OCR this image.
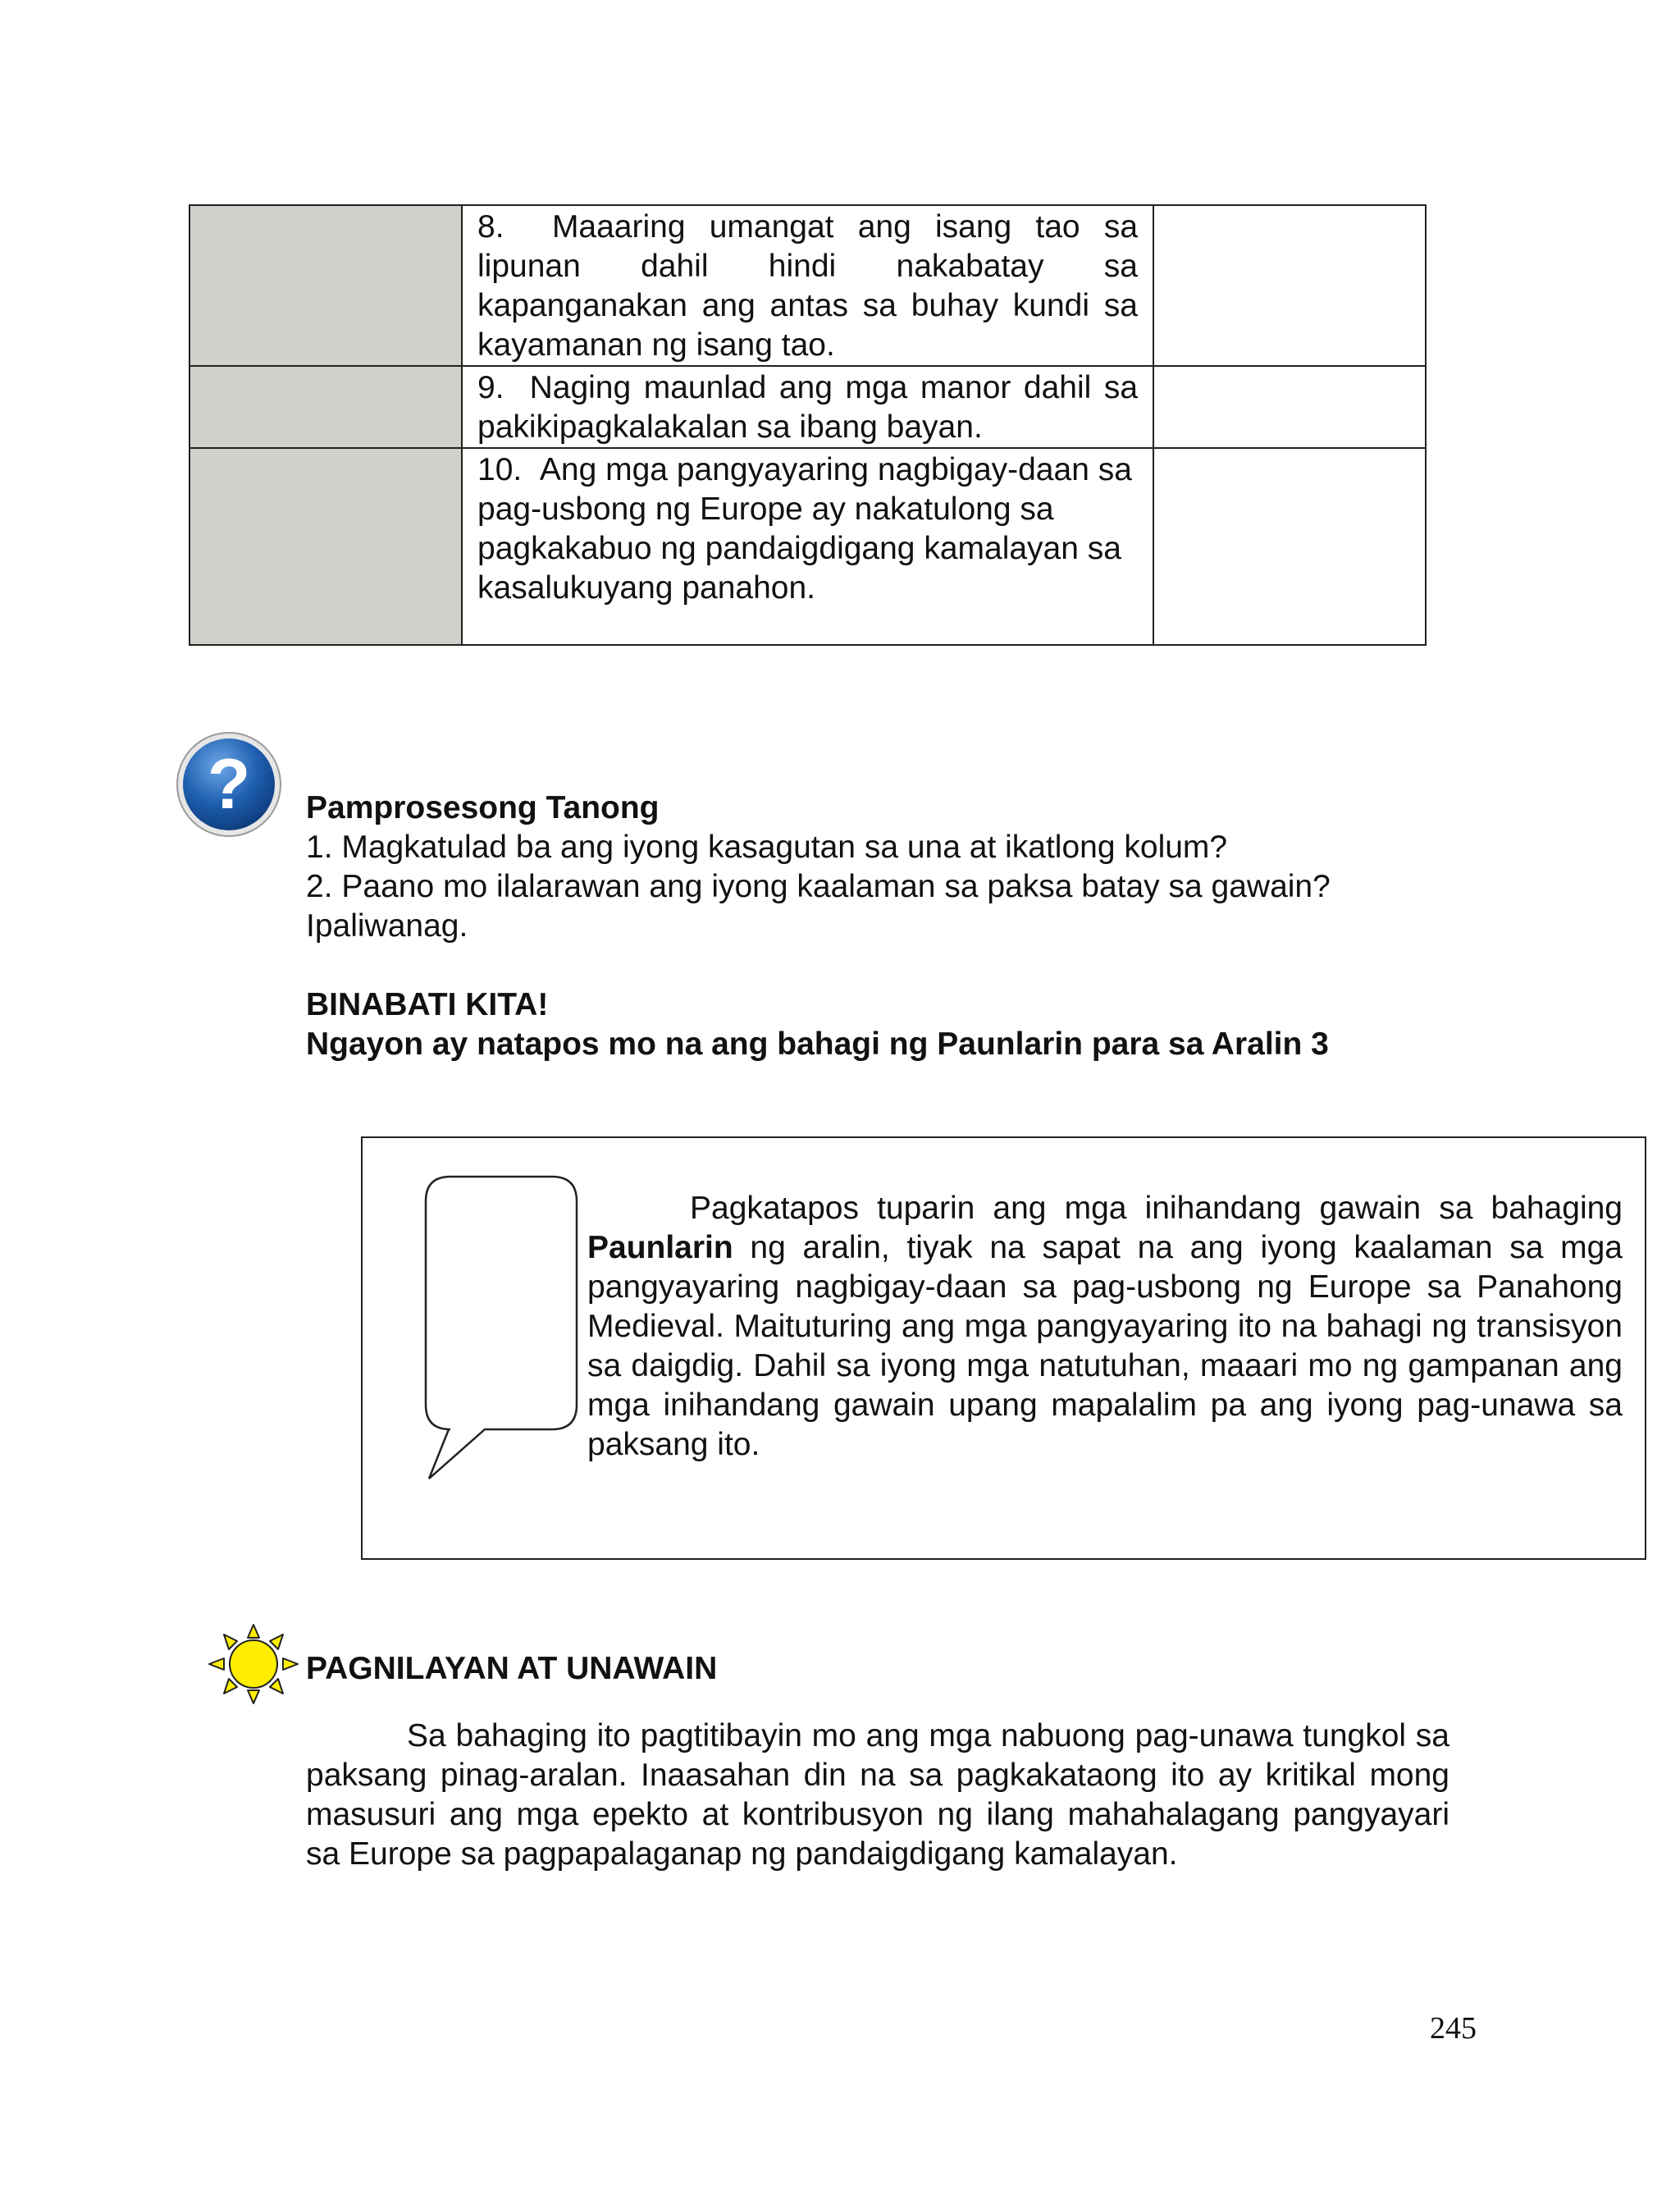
	8. Maaaring umangat ang isang tao sa lipunan dahil hindi nakabatay sa kapanganakan ang antas sa buhay kundi sa kayamanan ng isang tao.	
	9. Naging maunlad ang mga manor dahil sa pakikipagkalakalan sa ibang bayan.	
	10. Ang mga pangyayaring nagbigay-daan sa pag-usbong ng Europe ay nakatulong sa pagkakabuo ng pandaigdigang kamalayan sa kasalukuyang panahon.	
? Pamprosesong Tanong
1. Magkatulad ba ang iyong kasagutan sa una at ikatlong kolum?
2. Paano mo ilalarawan ang iyong kaalaman sa paksa batay sa gawain?
Ipaliwanag.
BINABATI KITA!
Ngayon ay natapos mo na ang bahagi ng Paunlarin para sa Aralin 3
Pagkatapos tuparin ang mga inihandang gawain sa bahaging Paunlarin ng aralin, tiyak na sapat na ang iyong kaalaman sa mga pangyayaring nagbigay-daan sa pag-usbong ng Europe sa Panahong Medieval. Maituturing ang mga pangyayaring ito na bahagi ng transisyon sa daigdig. Dahil sa iyong mga natutuhan, maaari mo ng gampanan ang mga inihandang gawain upang mapalalim pa ang iyong pag-unawa sa paksang ito.
PAGNILAYAN AT UNAWAIN
Sa bahaging ito pagtitibayin mo ang mga nabuong pag-unawa tungkol sa paksang pinag-aralan. Inaasahan din na sa pagkakataong ito ay kritikal mong masusuri ang mga epekto at kontribusyon ng ilang mahahalagang pangyayari sa Europe sa pagpapalaganap ng pandaigdigang kamalayan.
245
